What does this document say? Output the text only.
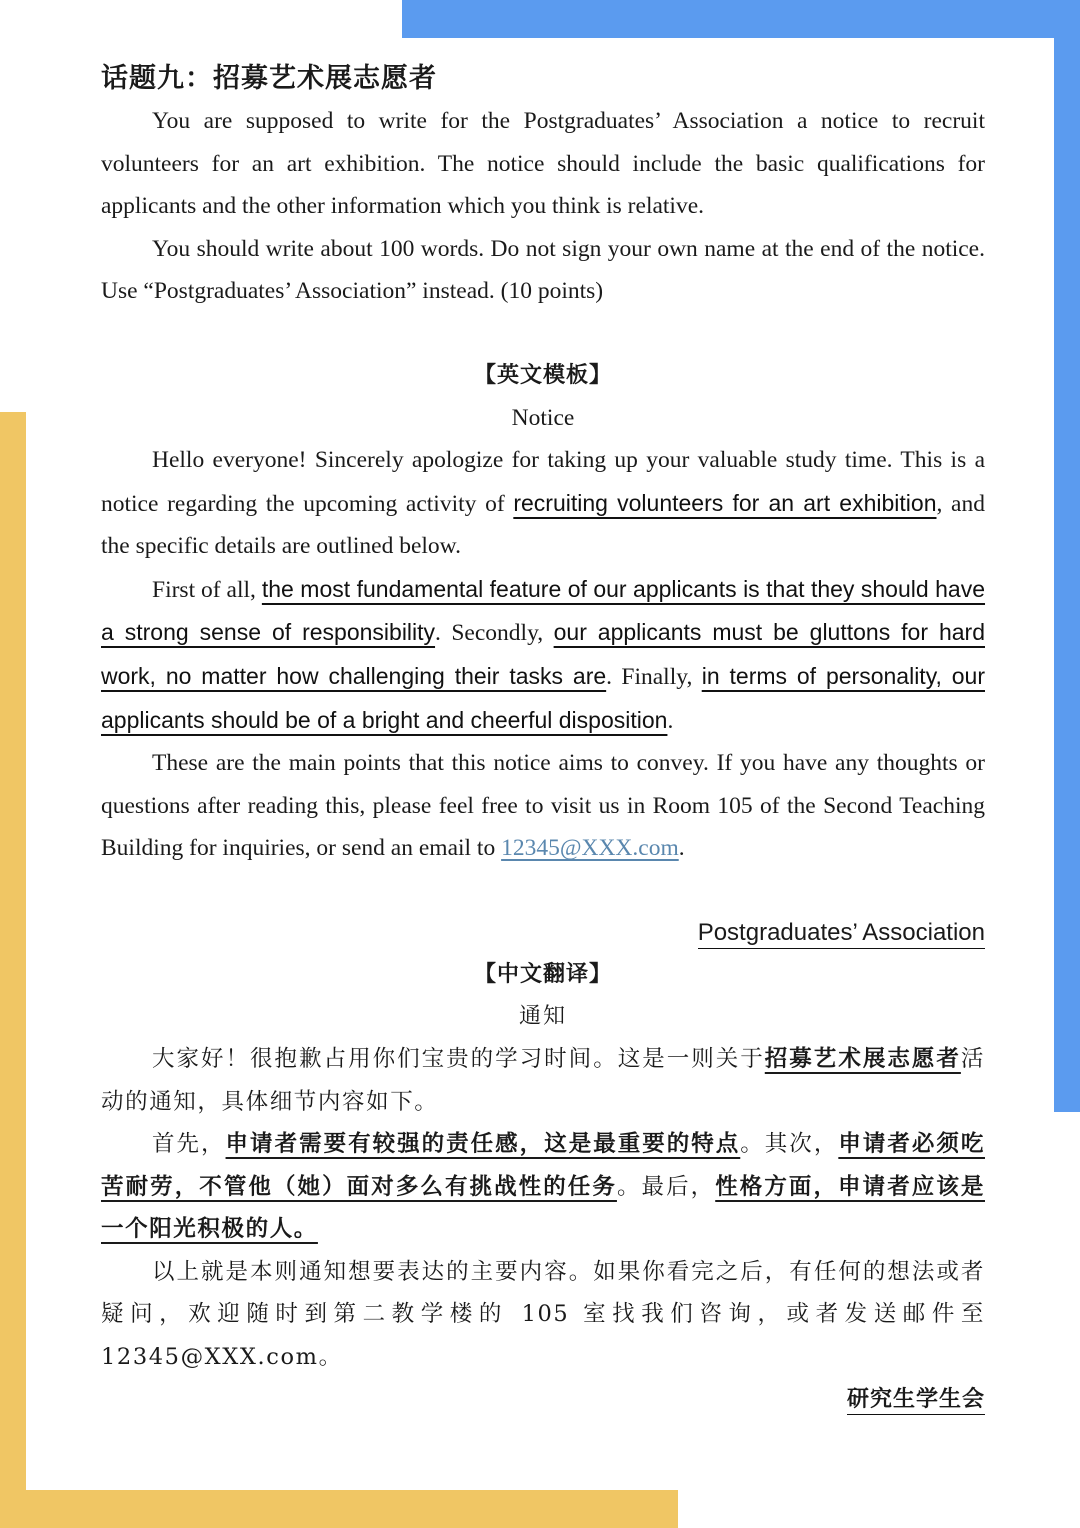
话题九：招募艺术展志愿者

You are supposed to write for the Postgraduates’ Association a notice to recruit volunteers for an art exhibition. The notice should include the basic qualifications for applicants and the other information which you think is relative.

You should write about 100 words. Do not sign your own name at the end of the notice. Use “Postgraduates’ Association” instead. (10 points)

【英文模板】
Notice

Hello everyone! Sincerely apologize for taking up your valuable study time. This is a notice regarding the upcoming activity of recruiting volunteers for an art exhibition, and the specific details are outlined below.

First of all, the most fundamental feature of our applicants is that they should have a strong sense of responsibility. Secondly, our applicants must be gluttons for hard work, no matter how challenging their tasks are. Finally, in terms of personality, our applicants should be of a bright and cheerful disposition.

These are the main points that this notice aims to convey. If you have any thoughts or questions after reading this, please feel free to visit us in Room 105 of the Second Teaching Building for inquiries, or send an email to 12345@XXX.com.

Postgraduates’ Association
【中文翻译】
通知

大家好！很抱歉占用你们宝贵的学习时间。这是一则关于招募艺术展志愿者活动的通知，具体细节内容如下。

首先，申请者需要有较强的责任感，这是最重要的特点。其次，申请者必须吃苦耐劳，不管他（她）面对多么有挑战性的任务。最后，性格方面，申请者应该是一个阳光积极的人。

以上就是本则通知想要表达的主要内容。如果你看完之后，有任何的想法或者疑问，欢迎随时到第二教学楼的 105 室找我们咨询，或者发送邮件至 12345@XXX.com。

研究生学生会
